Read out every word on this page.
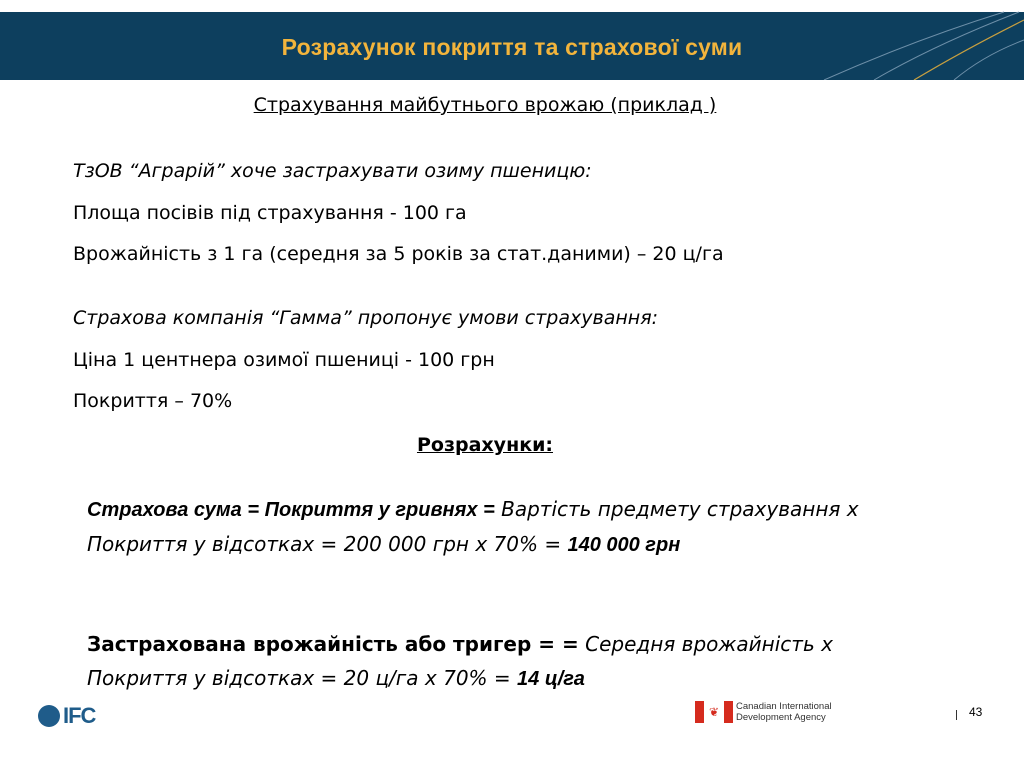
Розрахунок покриття та страхової суми
Страхування майбутнього врожаю (приклад )
ТзОВ “Аграрій” хоче застрахувати озиму пшеницю:
Площа посівів під страхування - 100 га
Врожайність з 1 га (середня за 5 років за стат.даними) – 20 ц/га
Страхова компанія “Гамма” пропонує умови страхування:
Ціна 1 центнера озимої пшениці - 100 грн
Покриття – 70%
Розрахунки:
Страхова сума = Покриття у гривнях = Вартість предмету страхування х Покриття у відсотках = 200 000 грн х 70% = 140 000 грн
Застрахована врожайність або тригер = = Середня врожайність х Покриття у відсотках = 20 ц/га х 70% = 14 ц/га
IFC	❦	Canadian International
Development Agency	43
